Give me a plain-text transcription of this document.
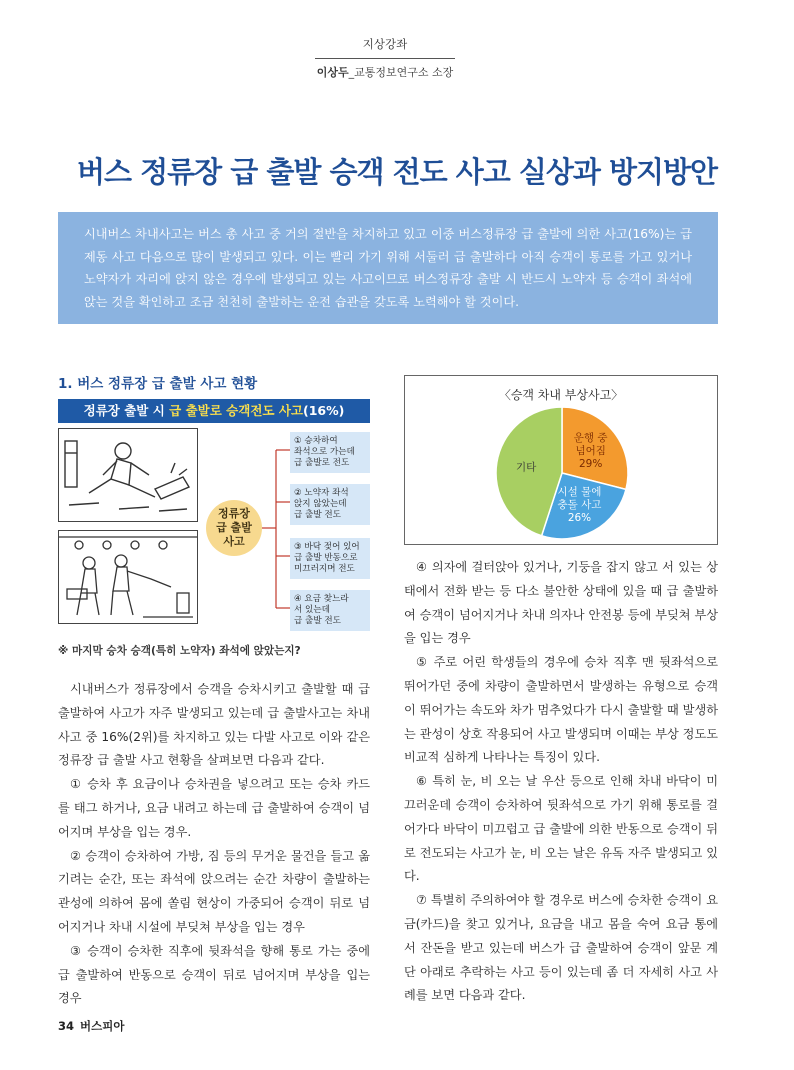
지상강좌
이상두_교통정보연구소 소장
버스 정류장 급 출발 승객 전도 사고 실상과 방지방안
시내버스 차내사고는 버스 총 사고 중 거의 절반을 차지하고 있고 이중 버스정류장 급 출발에 의한 사고(16%)는 급제동 사고 다음으로 많이 발생되고 있다. 이는 빨리 가기 위해 서둘러 급 출발하다 아직 승객이 통로를 가고 있거나 노약자가 자리에 앉지 않은 경우에 발생되고 있는 사고이므로 버스정류장 출발 시 반드시 노약자 등 승객이 좌석에 앉는 것을 확인하고 조금 천천히 출발하는 운전 습관을 갖도록 노력해야 할 것이다.
1. 버스 정류장 급 출발 사고 현황
정류장 출발 시 급 출발로 승객전도 사고(16%)
정류장
급 출발
사고
① 승차하여
좌석으로 가는데
급 출발로 전도
② 노약자 좌석
앉지 않았는데
급 출발 전도
③ 바닥 젖어 있어
급 출발 반동으로
미끄러지며 전도
④ 요금 찾느라
서 있는데
급 출발 전도
※ 마지막 승차 승객(특히 노약자) 좌석에 앉았는지?
〈승객 차내 부상사고〉
운행 중
넘어짐
29%
시설 물에
충돌 사고
26%
기타

시내버스가 정류장에서 승객을 승차시키고 출발할 때 급출발하여 사고가 자주 발생되고 있는데 급 출발사고는 차내사고 중 16%(2위)를 차지하고 있는 다발 사고로 이와 같은 정류장 급 출발 사고 현황을 살펴보면 다음과 같다.

① 승차 후 요금이나 승차권을 넣으려고 또는 승차 카드를 태그 하거나, 요금 내려고 하는데 급 출발하여 승객이 넘어지며 부상을 입는 경우.

② 승객이 승차하여 가방, 짐 등의 무거운 물건을 들고 옮기려는 순간, 또는 좌석에 앉으려는 순간 차량이 출발하는 관성에 의하여 몸에 쏠림 현상이 가중되어 승객이 뒤로 넘어지거나 차내 시설에 부딪쳐 부상을 입는 경우

③ 승객이 승차한 직후에 뒷좌석을 향해 통로 가는 중에 급 출발하여 반동으로 승객이 뒤로 넘어지며 부상을 입는 경우

④ 의자에 걸터앉아 있거나, 기둥을 잡지 않고 서 있는 상태에서 전화 받는 등 다소 불안한 상태에 있을 때 급 출발하여 승객이 넘어지거나 차내 의자나 안전봉 등에 부딪쳐 부상을 입는 경우

⑤ 주로 어린 학생들의 경우에 승차 직후 맨 뒷좌석으로 뛰어가던 중에 차량이 출발하면서 발생하는 유형으로 승객이 뛰어가는 속도와 차가 멈추었다가 다시 출발할 때 발생하는 관성이 상호 작용되어 사고 발생되며 이때는 부상 정도도 비교적 심하게 나타나는 특징이 있다.

⑥ 특히 눈, 비 오는 날 우산 등으로 인해 차내 바닥이 미끄러운데 승객이 승차하여 뒷좌석으로 가기 위해 통로를 걸어가다 바닥이 미끄럽고 급 출발에 의한 반동으로 승객이 뒤로 전도되는 사고가 눈, 비 오는 날은 유독 자주 발생되고 있다.

⑦ 특별히 주의하여야 할 경우로 버스에 승차한 승객이 요금(카드)을 찾고 있거나, 요금을 내고 몸을 숙여 요금 통에서 잔돈을 받고 있는데 버스가 급 출발하여 승객이 앞문 계단 아래로 추락하는 사고 등이 있는데 좀 더 자세히 사고 사례를 보면 다음과 같다.

34 버스피아
